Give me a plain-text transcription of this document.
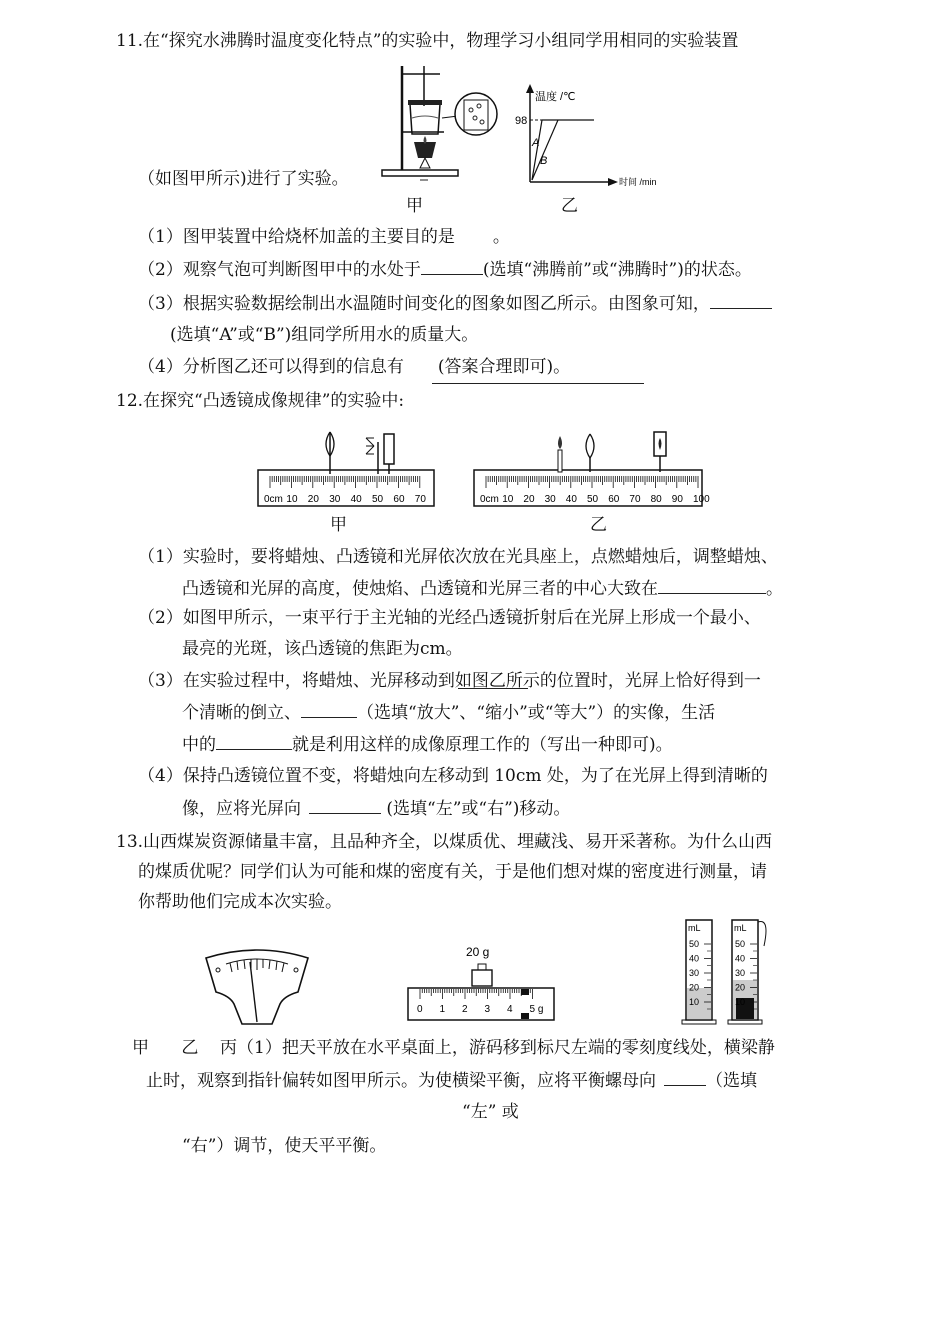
11.在“探究水沸腾时温度变化特点”的实验中，物理学习小组同学用相同的实验装置
温度 /℃
98
A
B
时间 /min
（如图甲所示)进行了实验。
甲	乙
（1）图甲装置中给烧杯加盖的主要目的是 。
（2）观察气泡可判断图甲中的水处于	(选填“沸腾前”或“沸腾时”)的状态。
（3）根据实验数据绘制出水温随时间变化的图象如图乙所示。由图象可知，
(选填“A”或“B”)组同学所用水的质量大。
（4）分析图乙还可以得到的信息有 (答案合理即可)。
12.在探究“凸透镜成像规律”的实验中:
0cm 10 20 30 40 50 60 70	0cm 10 20 30 40 50 60 70 80 90 100
甲	乙
（1）实验时，要将蜡烛、凸透镜和光屏依次放在光具座上，点燃蜡烛后，调整蜡烛、
凸透镜和光屏的高度，使烛焰、凸透镜和光屏三者的中心大致在	。
（2）如图甲所示，一束平行于主光轴的光经凸透镜折射后在光屏上形成一个最小、
最亮的光斑，该凸透镜的焦距为cm。
（3）在实验过程中，将蜡烛、光屏移动到如图乙所示的位置时，光屏上恰好得到一
个清晰的倒立、	（选填“放大”、“缩小”或“等大”）的实像，生活
中的	就是利用这样的成像原理工作的（写出一种即可)。
（4）保持凸透镜位置不变，将蜡烛向左移动到 10cm 处，为了在光屏上得到清晰的
像，应将光屏向	(选填“左”或“右”)移动。
13.山西煤炭资源储量丰富，且品种齐全，以煤质优、埋藏浅、易开采著称。为什么山西
的煤质优呢？同学们认为可能和煤的密度有关，于是他们想对煤的密度进行测量，请
你帮助他们完成本次实验。
20 g
0 1 2 3 4 5 g
mL	mL
50
40
30
20
10
50
40
30
20
10
甲      乙    丙（1）把天平放在水平桌面上，游码移到标尺左端的零刻度线处，横梁静
止时，观察到指针偏转如图甲所示。为使横梁平衡，应将平衡螺母向	（选填
“左” 或
“右”）调节，使天平平衡。
